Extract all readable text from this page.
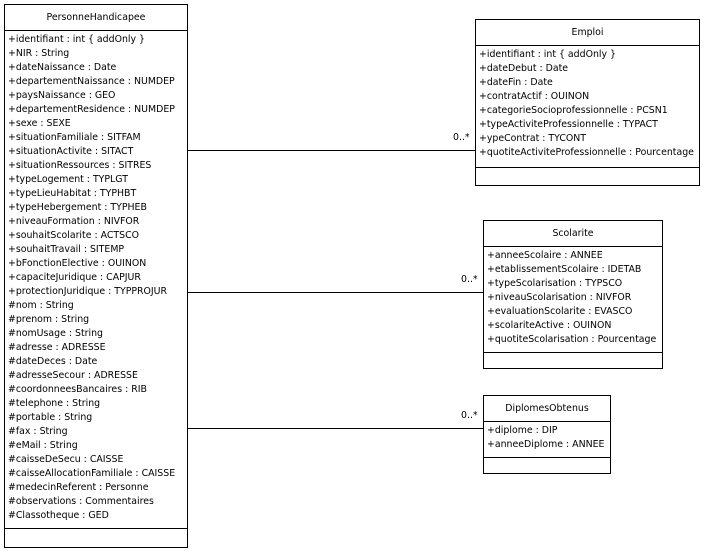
0..*
0..*
0..*
PersonneHandicapee
+identifiant : int { addOnly }
+NIR : String
+dateNaissance : Date
+departementNaissance : NUMDEP
+paysNaissance : GEO
+departementResidence : NUMDEP
+sexe : SEXE
+situationFamiliale : SITFAM
+situationActivite : SITACT
+situationRessources : SITRES
+typeLogement : TYPLGT
+typeLieuHabitat : TYPHBT
+typeHebergement : TYPHEB
+niveauFormation : NIVFOR
+souhaitScolarite : ACTSCO
+souhaitTravail : SITEMP
+bFonctionElective : OUINON
+capaciteJuridique : CAPJUR
+protectionJuridique : TYPPROJUR
#nom : String
#prenom : String
#nomUsage : String
#adresse : ADRESSE
#dateDeces : Date
#adresseSecour : ADRESSE
#coordonneesBancaires : RIB
#telephone : String
#portable : String
#fax : String
#eMail : String
#caisseDeSecu : CAISSE
#caisseAllocationFamiliale : CAISSE
#medecinReferent : Personne
#observations : Commentaires
#Classotheque : GED
Emploi
+identifiant : int { addOnly }
+dateDebut : Date
+dateFin : Date
+contratActif : OUINON
+categorieSocioprofessionnelle : PCSN1
+typeActiviteProfessionnelle : TYPACT
+ypeContrat : TYCONT
+quotiteActiviteProfessionnelle : Pourcentage
Scolarite
+anneeScolaire : ANNEE
+etablissementScolaire : IDETAB
+typeScolarisation : TYPSCO
+niveauScolarisation : NIVFOR
+evaluationScolarite : EVASCO
+scolariteActive : OUINON
+quotiteScolarisation : Pourcentage
DiplomesObtenus
+diplome : DIP
+anneeDiplome : ANNEE
